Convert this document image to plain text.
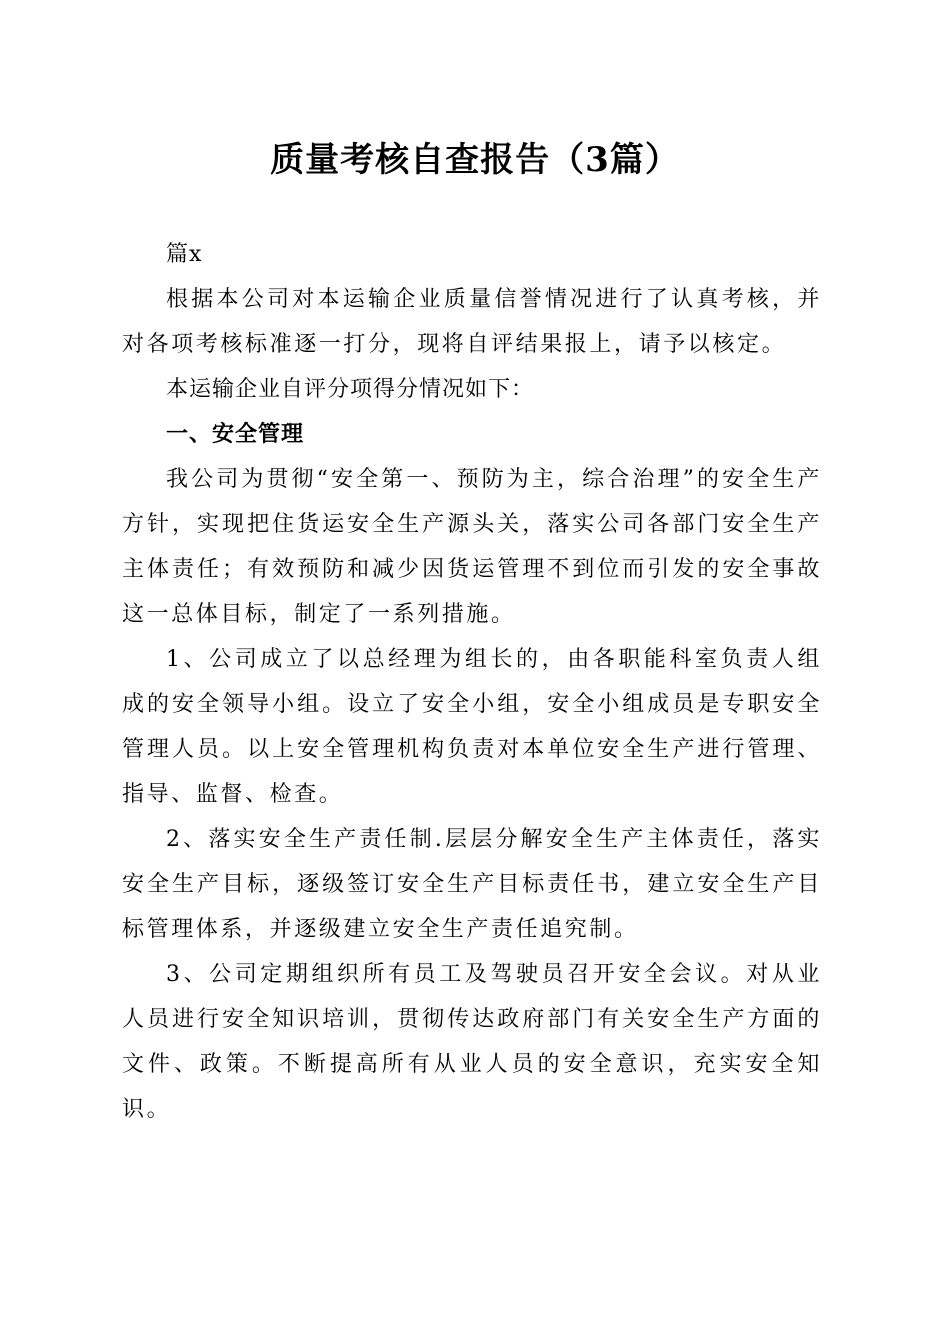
质量考核自查报告（3篇）

篇x

根据本公司对本运输企业质量信誉情况进行了认真考核，并对各项考核标准逐一打分，现将自评结果报上，请予以核定。

本运输企业自评分项得分情况如下：

一、安全管理

我公司为贯彻“安全第一、预防为主，综合治理”的安全生产方针，实现把住货运安全生产源头关，落实公司各部门安全生产主体责任；有效预防和减少因货运管理不到位而引发的安全事故这一总体目标，制定了一系列措施。

1、公司成立了以总经理为组长的，由各职能科室负责人组成的安全领导小组。设立了安全小组，安全小组成员是专职安全管理人员。以上安全管理机构负责对本单位安全生产进行管理、指导、监督、检查。

2、落实安全生产责任制.层层分解安全生产主体责任，落实安全生产目标，逐级签订安全生产目标责任书，建立安全生产目标管理体系，并逐级建立安全生产责任追究制。

3、公司定期组织所有员工及驾驶员召开安全会议。对从业人员进行安全知识培训，贯彻传达政府部门有关安全生产方面的文件、政策。不断提高所有从业人员的安全意识，充实安全知识。
